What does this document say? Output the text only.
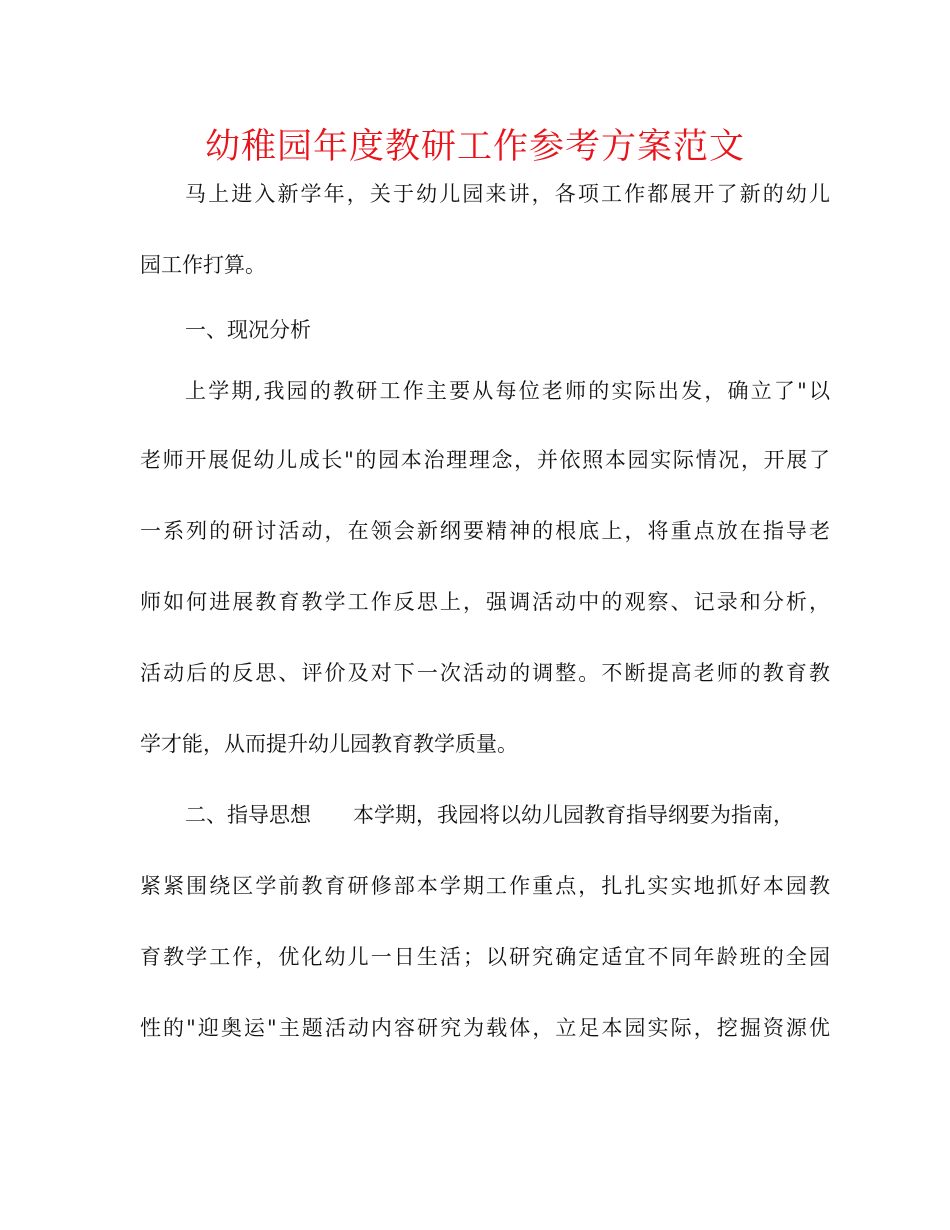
幼稚园年度教研工作参考方案范文

马上进入新学年，关于幼儿园来讲，各项工作都展开了新的幼儿

园工作打算。

一、现况分析

上学期,我园的教研工作主要从每位老师的实际出发，确立了"以

老师开展促幼儿成长"的园本治理理念，并依照本园实际情况，开展了

一系列的研讨活动，在领会新纲要精神的根底上，将重点放在指导老

师如何进展教育教学工作反思上，强调活动中的观察、记录和分析，

活动后的反思、评价及对下一次活动的调整。不断提高老师的教育教

学才能，从而提升幼儿园教育教学质量。

二、指导思想 本学期，我园将以幼儿园教育指导纲要为指南，

紧紧围绕区学前教育研修部本学期工作重点，扎扎实实地抓好本园教

育教学工作，优化幼儿一日生活；以研究确定适宜不同年龄班的全园

性的"迎奥运"主题活动内容研究为载体，立足本园实际，挖掘资源优
